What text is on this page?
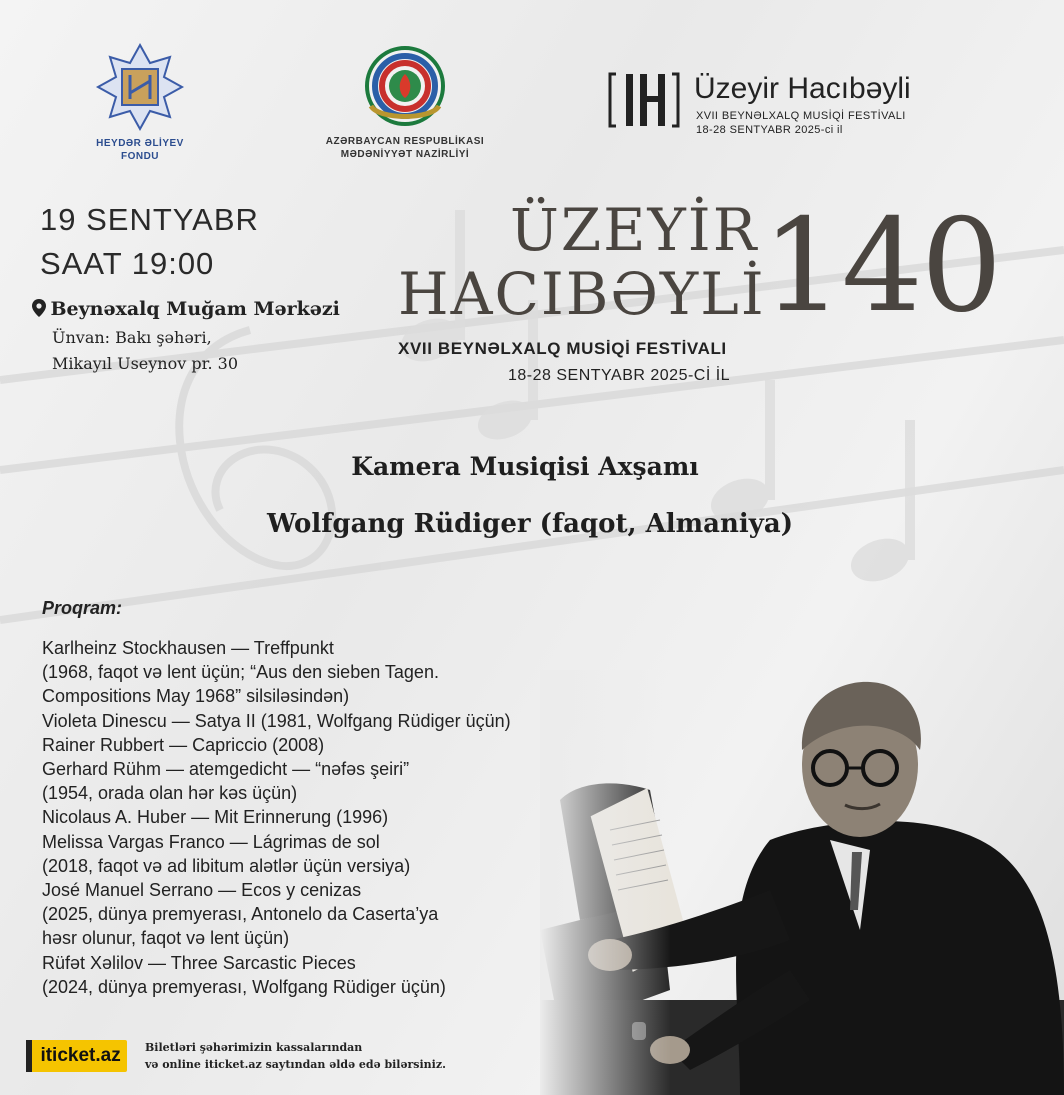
HEYDƏR ƏLİYEV
FONDU
AZƏRBAYCAN RESPUBLİKASI
MƏDƏNİYYƏT NAZİRLİYİ
Üzeyir Hacıbəyli
XVII BEYNƏLXALQ MUSİQİ FESTİVALI
18-28 SENTYABR 2025-ci il
19 SENTYABR
SAAT 19:00
Beynəxalq Muğam Mərkəzi
Ünvan: Bakı şəhəri,
Mikayıl Useynov pr. 30
ÜZEYİR
HACIBƏYLİ
140
XVII BEYNƏLXALQ MUSİQİ FESTİVALI
18-28 SENTYABR 2025-Cİ İL
Kamera Musiqisi Axşamı
Wolfgang Rüdiger (faqot, Almaniya)
Proqram:
Karlheinz Stockhausen — Treffpunkt
(1968, faqot və lent üçün; “Aus den sieben Tagen.
Compositions May 1968” silsiləsindən)
Violeta Dinescu — Satya II (1981, Wolfgang Rüdiger üçün)
Rainer Rubbert — Capriccio (2008)
Gerhard Rühm — atemgedicht — “nəfəs şeiri”
(1954, orada olan hər kəs üçün)
Nicolaus A. Huber — Mit Erinnerung (1996)
Melissa Vargas Franco — Lágrimas de sol
(2018, faqot və ad libitum alətlər üçün versiya)
José Manuel Serrano — Ecos y cenizas
(2025, dünya premyerası, Antonelo da Caserta’ya
həsr olunur, faqot və lent üçün)
Rüfət Xəlilov — Three Sarcastic Pieces
(2024, dünya premyerası, Wolfgang Rüdiger üçün)
iticket.az	Biletləri şəhərimizin kassalarından
və online iticket.az saytından əldə edə bilərsiniz.
